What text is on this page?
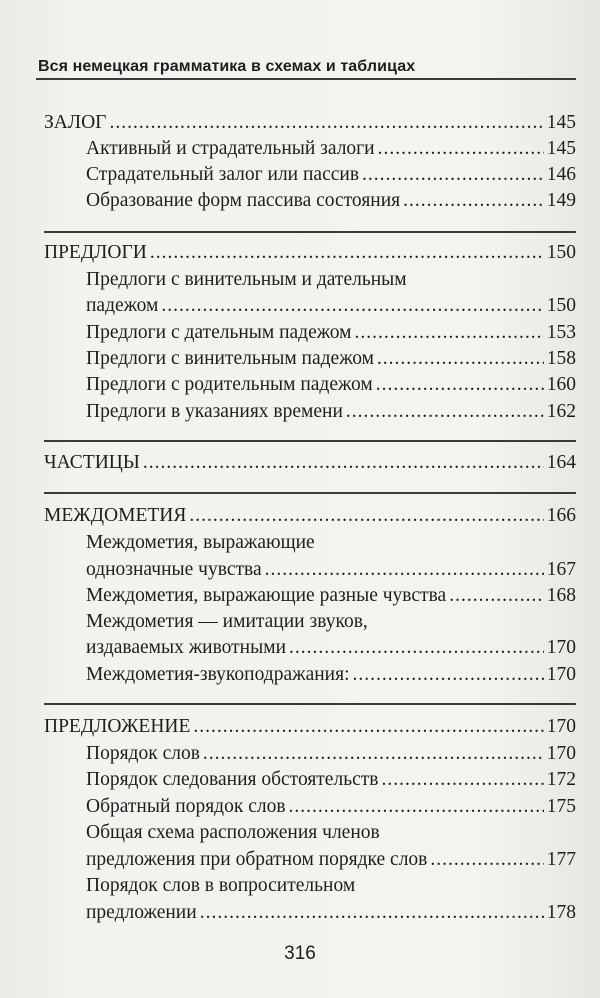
Вся немецкая грамматика в схемах и таблицах
ЗАЛОГ .....	145
Активный и страдательный залоги .....	145
Страдательный залог или пассив .....	146
Образование форм пассива состояния .....	149
ПРЕДЛОГИ .....	150
Предлоги с винительным и дательным
падежом .....	150
Предлоги с дательным падежом .....	153
Предлоги с винительным падежом .....	158
Предлоги с родительным падежом .....	160
Предлоги в указаниях времени .....	162
ЧАСТИЦЫ .....	164
МЕЖДОМЕТИЯ .....	166
Междометия, выражающие
однозначные чувства .....	167
Междометия, выражающие разные чувства .....	168
Междометия — имитации звуков,
издаваемых животными .....	170
Междометия-звукоподражания: .....	170
ПРЕДЛОЖЕНИЕ .....	170
Порядок слов .....	170
Порядок следования обстоятельств .....	172
Обратный порядок слов .....	175
Общая схема расположения членов
предложения при обратном порядке слов .....	177
Порядок слов в вопросительном
предложении .....	178
316
